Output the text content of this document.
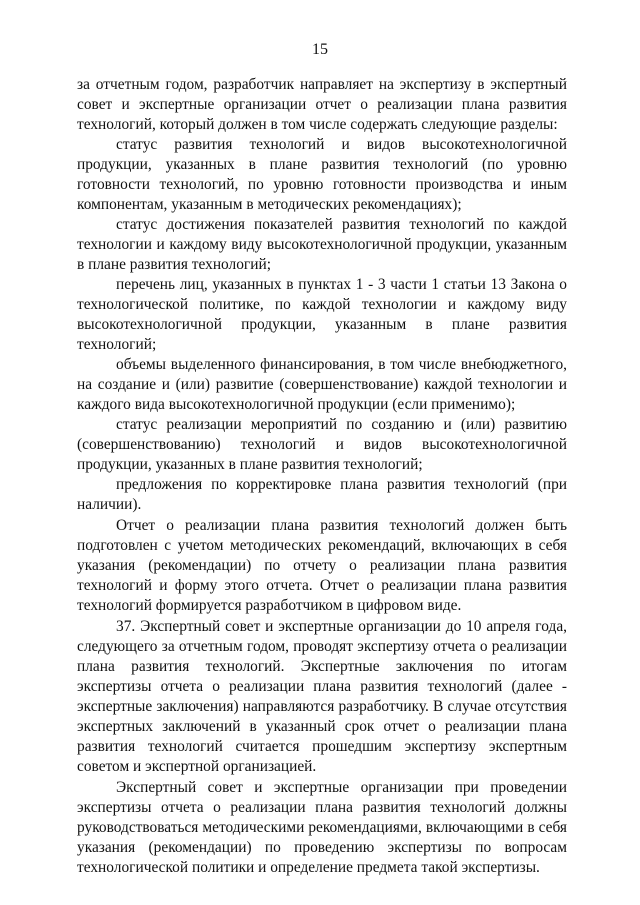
15

за отчетным годом, разработчик направляет на экспертизу в экспертный совет и экспертные организации отчет о реализации плана развития технологий, который должен в том числе содержать следующие разделы:

статус развития технологий и видов высокотехнологичной продукции, указанных в плане развития технологий (по уровню готовности технологий, по уровню готовности производства и иным компонентам, указанным в методических рекомендациях);

статус достижения показателей развития технологий по каждой технологии и каждому виду высокотехнологичной продукции, указанным в плане развития технологий;

перечень лиц, указанных в пунктах 1 - 3 части 1 статьи 13 Закона о технологической политике, по каждой технологии и каждому виду высокотехнологичной продукции, указанным в плане развития технологий;

объемы выделенного финансирования, в том числе внебюджетного, на создание и (или) развитие (совершенствование) каждой технологии и каждого вида высокотехнологичной продукции (если применимо);

статус реализации мероприятий по созданию и (или) развитию (совершенствованию) технологий и видов высокотехнологичной продукции, указанных в плане развития технологий;

предложения по корректировке плана развития технологий (при наличии).

Отчет о реализации плана развития технологий должен быть подготовлен с учетом методических рекомендаций, включающих в себя указания (рекомендации) по отчету о реализации плана развития технологий и форму этого отчета. Отчет о реализации плана развития технологий формируется разработчиком в цифровом виде.

37. Экспертный совет и экспертные организации до 10 апреля года, следующего за отчетным годом, проводят экспертизу отчета о реализации плана развития технологий. Экспертные заключения по итогам экспертизы отчета о реализации плана развития технологий (далее - экспертные заключения) направляются разработчику. В случае отсутствия экспертных заключений в указанный срок отчет о реализации плана развития технологий считается прошедшим экспертизу экспертным советом и экспертной организацией.

Экспертный совет и экспертные организации при проведении экспертизы отчета о реализации плана развития технологий должны руководствоваться методическими рекомендациями, включающими в себя указания (рекомендации) по проведению экспертизы по вопросам технологической политики и определение предмета такой экспертизы.
